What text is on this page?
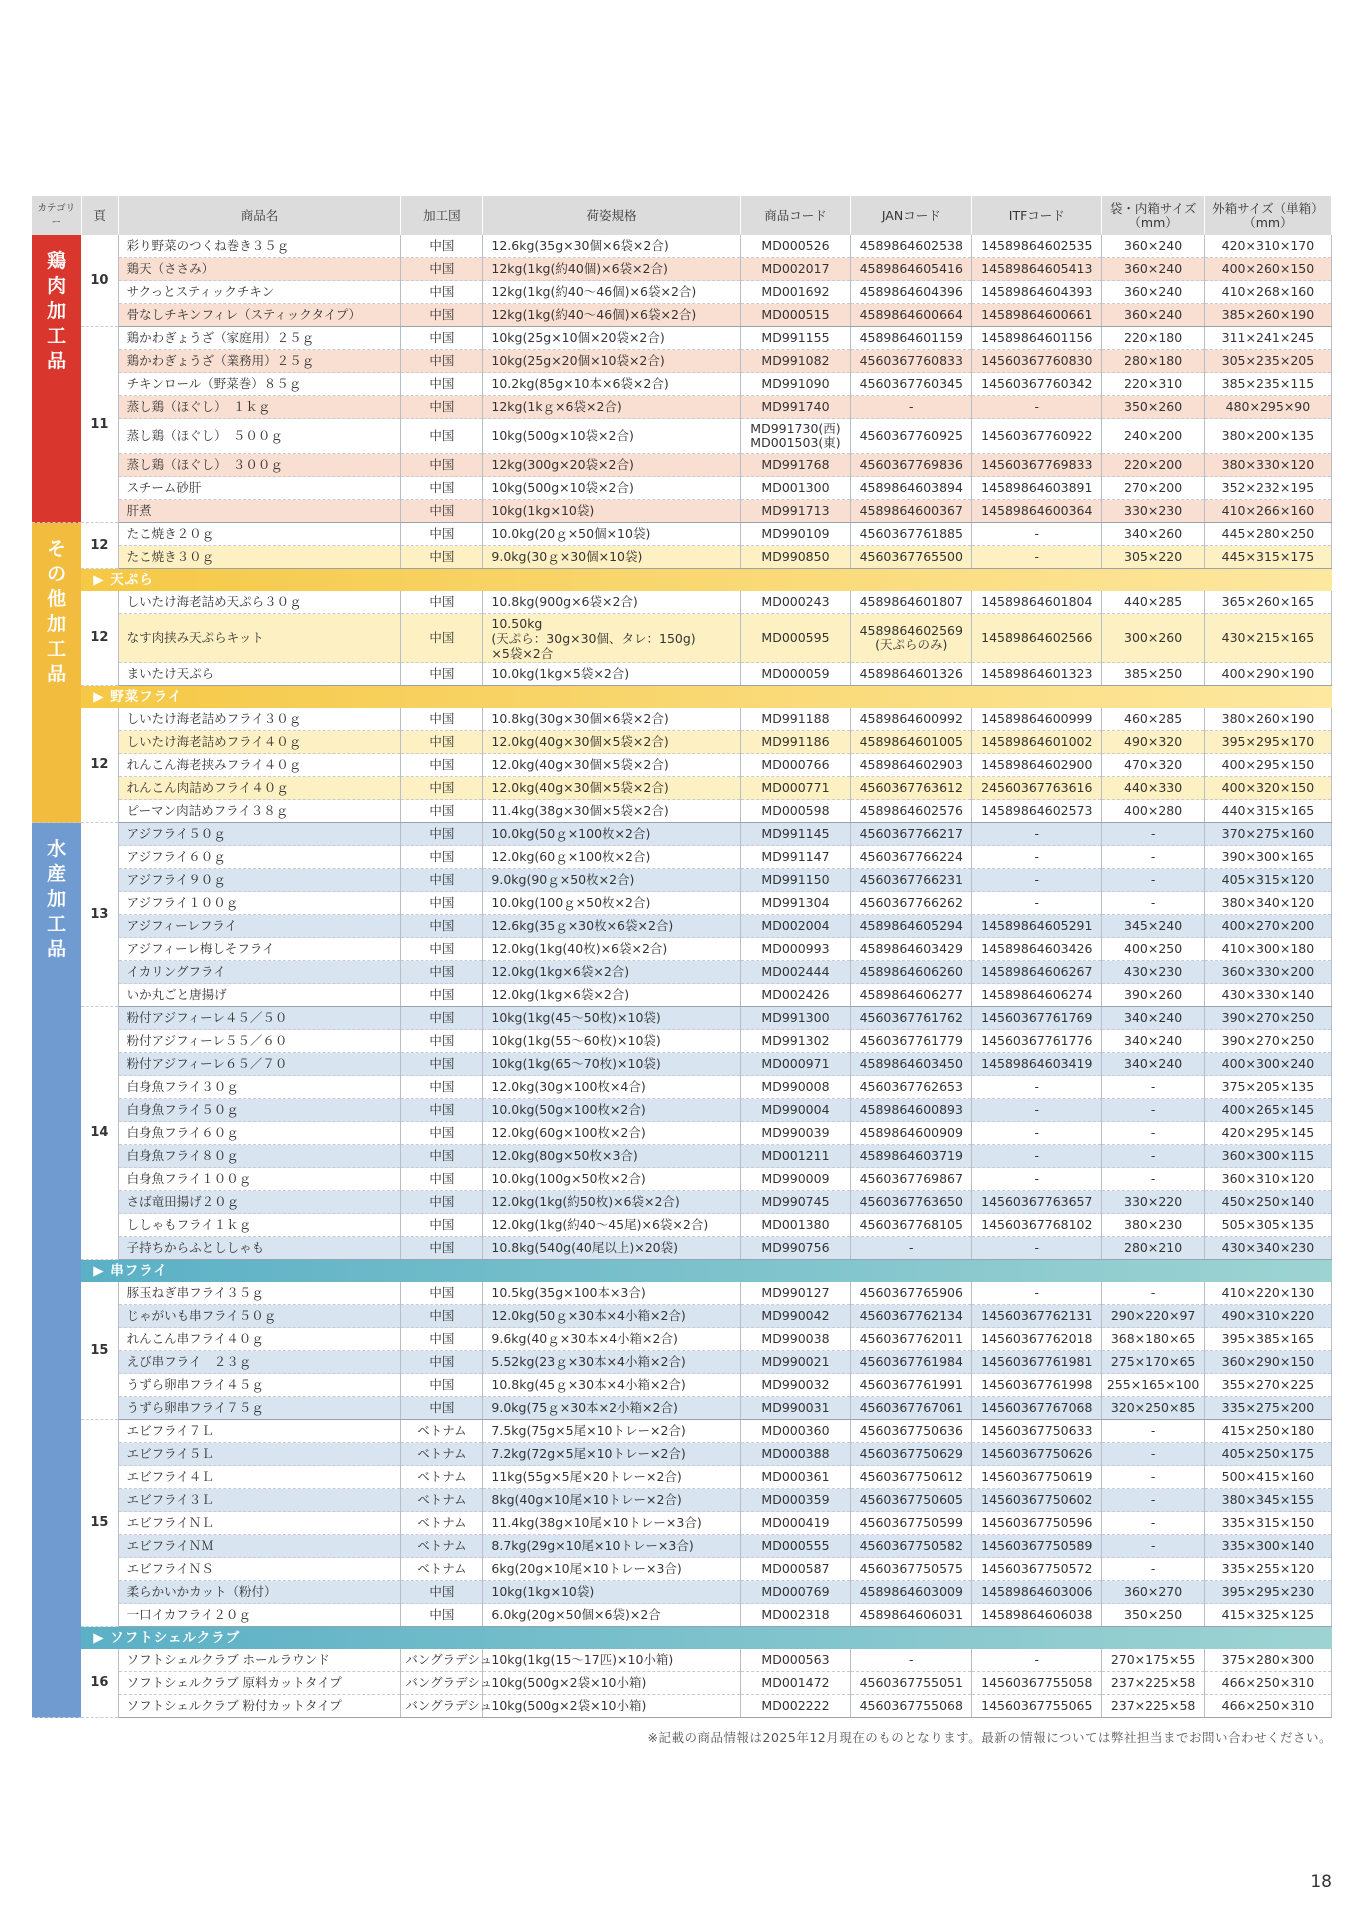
カテゴリー	頁	商品名	加工国	荷姿規格	商品コード	JANコード	ITFコード	袋・内箱サイズ（mm）	外箱サイズ（単箱）（mm）

鶏肉加工品	10	彩り野菜のつくね巻き３５ｇ	中国	12.6kg(35g×30個×6袋×2合)	MD000526	4589864602538	14589864602535	360×240	420×310×170
		鶏天（ささみ）	中国	12kg(1kg(約40個)×6袋×2合)	MD002017	4589864605416	14589864605413	360×240	400×260×150
		サクっとスティックチキン	中国	12kg(1kg(約40～46個)×6袋×2合)	MD001692	4589864604396	14589864604393	360×240	410×268×160
		骨なしチキンフィレ（スティックタイプ）	中国	12kg(1kg(約40～46個)×6袋×2合)	MD000515	4589864600664	14589864600661	360×240	385×260×190
	11	鶏かわぎょうざ（家庭用）２５ｇ	中国	10kg(25g×10個×20袋×2合)	MD991155	4589864601159	14589864601156	220×180	311×241×245
		鶏かわぎょうざ（業務用）２５ｇ	中国	10kg(25g×20個×10袋×2合)	MD991082	4560367760833	14560367760830	280×180	305×235×205
		チキンロール（野菜巻）８５ｇ	中国	10.2kg(85g×10本×6袋×2合)	MD991090	4560367760345	14560367760342	220×310	385×235×115
		蒸し鶏（ほぐし）　１ｋｇ	中国	12kg(1kｇ×6袋×2合)	MD991740	-	-	350×260	480×295×90
		蒸し鶏（ほぐし）　５００ｇ	中国	10kg(500g×10袋×2合)	MD991730(西)
MD001503(東)	4560367760925	14560367760922	240×200	380×200×135
		蒸し鶏（ほぐし）　３００ｇ	中国	12kg(300g×20袋×2合)	MD991768	4560367769836	14560367769833	220×200	380×330×120
		スチーム砂肝	中国	10kg(500g×10袋×2合)	MD001300	4589864603894	14589864603891	270×200	352×232×195
		肝煮	中国	10kg(1kg×10袋)	MD991713	4589864600367	14589864600364	330×230	410×266×160

その他加工品	12	たこ焼き２０ｇ	中国	10.0kg(20ｇ×50個×10袋)	MD990109	4560367761885	-	340×260	445×280×250
		たこ焼き３０ｇ	中国	9.0kg(30ｇ×30個×10袋)	MD990850	4560367765500	-	305×220	445×315×175
	▶ 天ぷら								
	12	しいたけ海老詰め天ぷら３０ｇ	中国	10.8kg(900g×6袋×2合)	MD000243	4589864601807	14589864601804	440×285	365×260×165
		なす肉挟み天ぷらキット	中国	10.50kg
(天ぷら：30g×30個、タレ：150g)
×5袋×2合	MD000595	4589864602569
(天ぷらのみ)	14589864602566	300×260	430×215×165
		まいたけ天ぷら	中国	10.0kg(1kg×5袋×2合)	MD000059	4589864601326	14589864601323	385×250	400×290×190
	▶ 野菜フライ								
	12	しいたけ海老詰めフライ３０ｇ	中国	10.8kg(30g×30個×6袋×2合)	MD991188	4589864600992	14589864600999	460×285	380×260×190
		しいたけ海老詰めフライ４０ｇ	中国	12.0kg(40g×30個×5袋×2合)	MD991186	4589864601005	14589864601002	490×320	395×295×170
		れんこん海老挟みフライ４０ｇ	中国	12.0kg(40g×30個×5袋×2合)	MD000766	4589864602903	14589864602900	470×320	400×295×150
		れんこん肉詰めフライ４０ｇ	中国	12.0kg(40g×30個×5袋×2合)	MD000771	4560367763612	24560367763616	440×330	400×320×150
		ピーマン肉詰めフライ３８ｇ	中国	11.4kg(38g×30個×5袋×2合)	MD000598	4589864602576	14589864602573	400×280	440×315×165

水産加工品	13	アジフライ５０ｇ	中国	10.0kg(50ｇ×100枚×2合)	MD991145	4560367766217	-	-	370×275×160
		アジフライ６０ｇ	中国	12.0kg(60ｇ×100枚×2合)	MD991147	4560367766224	-	-	390×300×165
		アジフライ９０ｇ	中国	9.0kg(90ｇ×50枚×2合)	MD991150	4560367766231	-	-	405×315×120
		アジフライ１００ｇ	中国	10.0kg(100ｇ×50枚×2合)	MD991304	4560367766262	-	-	380×340×120
		アジフィーレフライ	中国	12.6kg(35ｇ×30枚×6袋×2合)	MD002004	4589864605294	14589864605291	345×240	400×270×200
		アジフィーレ梅しそフライ	中国	12.0kg(1kg(40枚)×6袋×2合)	MD000993	4589864603429	14589864603426	400×250	410×300×180
		イカリングフライ	中国	12.0kg(1kg×6袋×2合)	MD002444	4589864606260	14589864606267	430×230	360×330×200
		いか丸ごと唐揚げ	中国	12.0kg(1kg×6袋×2合)	MD002426	4589864606277	14589864606274	390×260	430×330×140
	14	粉付アジフィーレ４５／５０	中国	10kg(1kg(45～50枚)×10袋)	MD991300	4560367761762	14560367761769	340×240	390×270×250
		粉付アジフィーレ５５／６０	中国	10kg(1kg(55～60枚)×10袋)	MD991302	4560367761779	14560367761776	340×240	390×270×250
		粉付アジフィーレ６５／７０	中国	10kg(1kg(65～70枚)×10袋)	MD000971	4589864603450	14589864603419	340×240	400×300×240
		白身魚フライ３０ｇ	中国	12.0kg(30g×100枚×4合)	MD990008	4560367762653	-	-	375×205×135
		白身魚フライ５０ｇ	中国	10.0kg(50g×100枚×2合)	MD990004	4589864600893	-	-	400×265×145
		白身魚フライ６０ｇ	中国	12.0kg(60g×100枚×2合)	MD990039	4589864600909	-	-	420×295×145
		白身魚フライ８０ｇ	中国	12.0kg(80g×50枚×3合)	MD001211	4589864603719	-	-	360×300×115
		白身魚フライ１００ｇ	中国	10.0kg(100g×50枚×2合)	MD990009	4560367769867	-	-	360×310×120
		さば竜田揚げ２０ｇ	中国	12.0kg(1kg(約50枚)×6袋×2合)	MD990745	4560367763650	14560367763657	330×220	450×250×140
		ししゃもフライ１ｋｇ	中国	12.0kg(1kg(約40～45尾)×6袋×2合)	MD001380	4560367768105	14560367768102	380×230	505×305×135
		子持ちからふとししゃも	中国	10.8kg(540g(40尾以上)×20袋)	MD990756	-	-	280×210	430×340×230
	▶ 串フライ								
	15	豚玉ねぎ串フライ３５ｇ	中国	10.5kg(35g×100本×3合)	MD990127	4560367765906	-	-	410×220×130
		じゃがいも串フライ５０ｇ	中国	12.0kg(50ｇ×30本×4小箱×2合)	MD990042	4560367762134	14560367762131	290×220×97	490×310×220
		れんこん串フライ４０ｇ	中国	9.6kg(40ｇ×30本×4小箱×2合)	MD990038	4560367762011	14560367762018	368×180×65	395×385×165
		えび串フライ　２３ｇ	中国	5.52kg(23ｇ×30本×4小箱×2合)	MD990021	4560367761984	14560367761981	275×170×65	360×290×150
		うずら卵串フライ４５ｇ	中国	10.8kg(45ｇ×30本×4小箱×2合)	MD990032	4560367761991	14560367761998	255×165×100	355×270×225
		うずら卵串フライ７５ｇ	中国	9.0kg(75ｇ×30本×2小箱×2合)	MD990031	4560367767061	14560367767068	320×250×85	335×275×200
	15	エビフライ７Ｌ	ベトナム	7.5kg(75g×5尾×10トレー×2合)	MD000360	4560367750636	14560367750633	-	415×250×180
		エビフライ５Ｌ	ベトナム	7.2kg(72g×5尾×10トレー×2合)	MD000388	4560367750629	14560367750626	-	405×250×175
		エビフライ４Ｌ	ベトナム	11kg(55g×5尾×20トレー×2合)	MD000361	4560367750612	14560367750619	-	500×415×160
		エビフライ３Ｌ	ベトナム	8kg(40g×10尾×10トレー×2合)	MD000359	4560367750605	14560367750602	-	380×345×155
		エビフライＮＬ	ベトナム	11.4kg(38g×10尾×10トレー×3合)	MD000419	4560367750599	14560367750596	-	335×315×150
		エビフライＮＭ	ベトナム	8.7kg(29g×10尾×10トレー×3合)	MD000555	4560367750582	14560367750589	-	335×300×140
		エビフライＮＳ	ベトナム	6kg(20g×10尾×10トレー×3合)	MD000587	4560367750575	14560367750572	-	335×255×120
		柔らかいかカット（粉付）	中国	10kg(1kg×10袋)	MD000769	4589864603009	14589864603006	360×270	395×295×230
		一口イカフライ２０ｇ	中国	6.0kg(20g×50個×6袋)×2合	MD002318	4589864606031	14589864606038	350×250	415×325×125
	▶ ソフトシェルクラブ								
	16	ソフトシェルクラブ ホールラウンド	バングラデシュ	10kg(1kg(15～17匹)×10小箱)	MD000563	-	-	270×175×55	375×280×300
		ソフトシェルクラブ 原料カットタイプ	バングラデシュ	10kg(500g×2袋×10小箱)	MD001472	4560367755051	14560367755058	237×225×58	466×250×310
		ソフトシェルクラブ 粉付カットタイプ	バングラデシュ	10kg(500g×2袋×10小箱)	MD002222	4560367755068	14560367755065	237×225×58	466×250×310
※記載の商品情報は2025年12月現在のものとなります。最新の情報については弊社担当までお問い合わせください。
18
